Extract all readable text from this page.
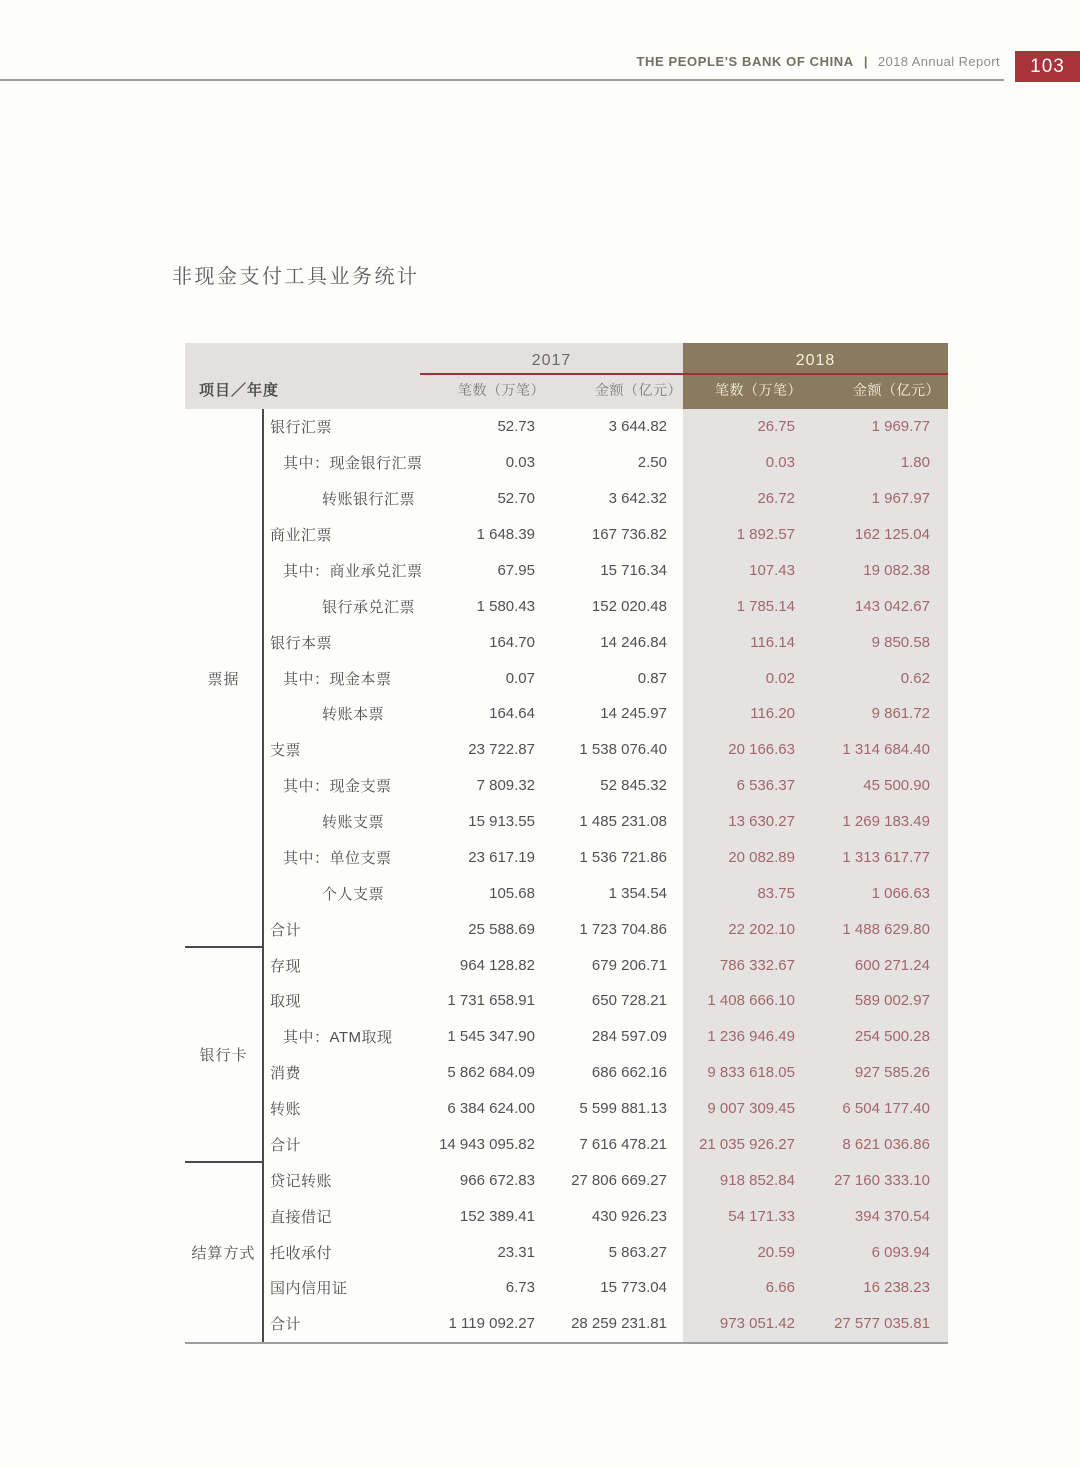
THE PEOPLE'S BANK OF CHINA | 2018 Annual Report	103
非现金支付工具业务统计
2017	2018
项目／年度	笔数（万笔）	金额（亿元） 笔数（万笔）	金额（亿元）
票据
银行汇票	52.73	3 644.82	26.75	1 969.77
其中：现金银行汇票	0.03	2.50	0.03	1.80
转账银行汇票	52.70	3 642.32	26.72	1 967.97
商业汇票	1 648.39	167 736.82	1 892.57	162 125.04
其中：商业承兑汇票	67.95	15 716.34	107.43	19 082.38
银行承兑汇票	1 580.43	152 020.48	1 785.14	143 042.67
银行本票	164.70	14 246.84	116.14	9 850.58
其中：现金本票	0.07	0.87	0.02	0.62
转账本票	164.64	14 245.97	116.20	9 861.72
支票	23 722.87	1 538 076.40	20 166.63	1 314 684.40
其中：现金支票	7 809.32	52 845.32	6 536.37	45 500.90
转账支票	15 913.55	1 485 231.08	13 630.27	1 269 183.49
其中：单位支票	23 617.19	1 536 721.86	20 082.89	1 313 617.77
个人支票	105.68	1 354.54	83.75	1 066.63
合计	25 588.69	1 723 704.86	22 202.10	1 488 629.80
银行卡
存现	964 128.82	679 206.71	786 332.67	600 271.24
取现	1 731 658.91	650 728.21	1 408 666.10	589 002.97
其中：ATM取现	1 545 347.90	284 597.09	1 236 946.49	254 500.28
消费	5 862 684.09	686 662.16	9 833 618.05	927 585.26
转账	6 384 624.00	5 599 881.13	9 007 309.45	6 504 177.40
合计	14 943 095.82	7 616 478.21	21 035 926.27	8 621 036.86
结算方式
贷记转账	966 672.83	27 806 669.27	918 852.84	27 160 333.10
直接借记	152 389.41	430 926.23	54 171.33	394 370.54
托收承付	23.31	5 863.27	20.59	6 093.94
国内信用证	6.73	15 773.04	6.66	16 238.23
合计	1 119 092.27	28 259 231.81	973 051.42	27 577 035.81
